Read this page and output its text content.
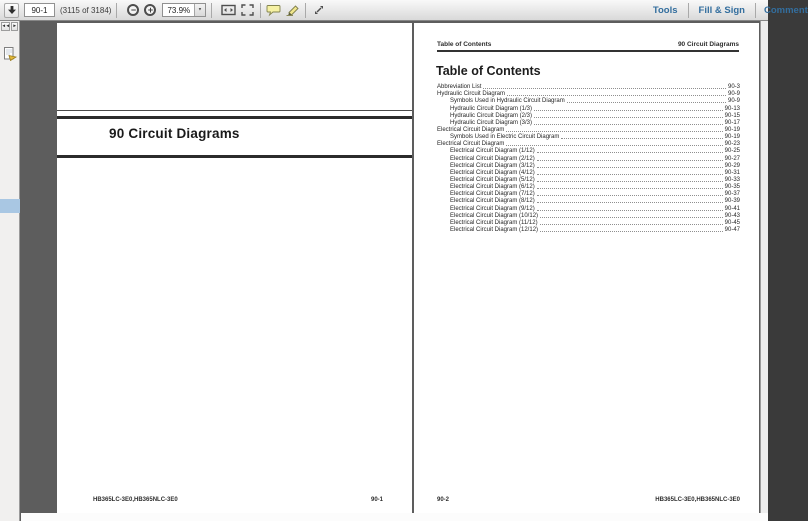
90-1
(3115 of 3184)	−	+	73.9%	▼	Tools	Fill & Sign	Comment
◄◄ ►
90 Circuit Diagrams
HB365LC-3E0,HB365NLC-3E0	90-1
Table of Contents	90 Circuit Diagrams
Table of Contents
Abbreviation List	90-3
Hydraulic Circuit Diagram	90-9
Symbols Used in Hydraulic Circuit Diagram	90-9
Hydraulic Circuit Diagram (1/3)	90-13
Hydraulic Circuit Diagram (2/3)	90-15
Hydraulic Circuit Diagram (3/3)	90-17
Electrical Circuit Diagram	90-19
Symbols Used in Electric Circuit Diagram	90-19
Electrical Circuit Diagram	90-23
Electrical Circuit Diagram (1/12)	90-25
Electrical Circuit Diagram (2/12)	90-27
Electrical Circuit Diagram (3/12)	90-29
Electrical Circuit Diagram (4/12)	90-31
Electrical Circuit Diagram (5/12)	90-33
Electrical Circuit Diagram (6/12)	90-35
Electrical Circuit Diagram (7/12)	90-37
Electrical Circuit Diagram (8/12)	90-39
Electrical Circuit Diagram (9/12)	90-41
Electrical Circuit Diagram (10/12)	90-43
Electrical Circuit Diagram (11/12)	90-45
Electrical Circuit Diagram (12/12)	90-47
90-2	HB365LC-3E0,HB365NLC-3E0
